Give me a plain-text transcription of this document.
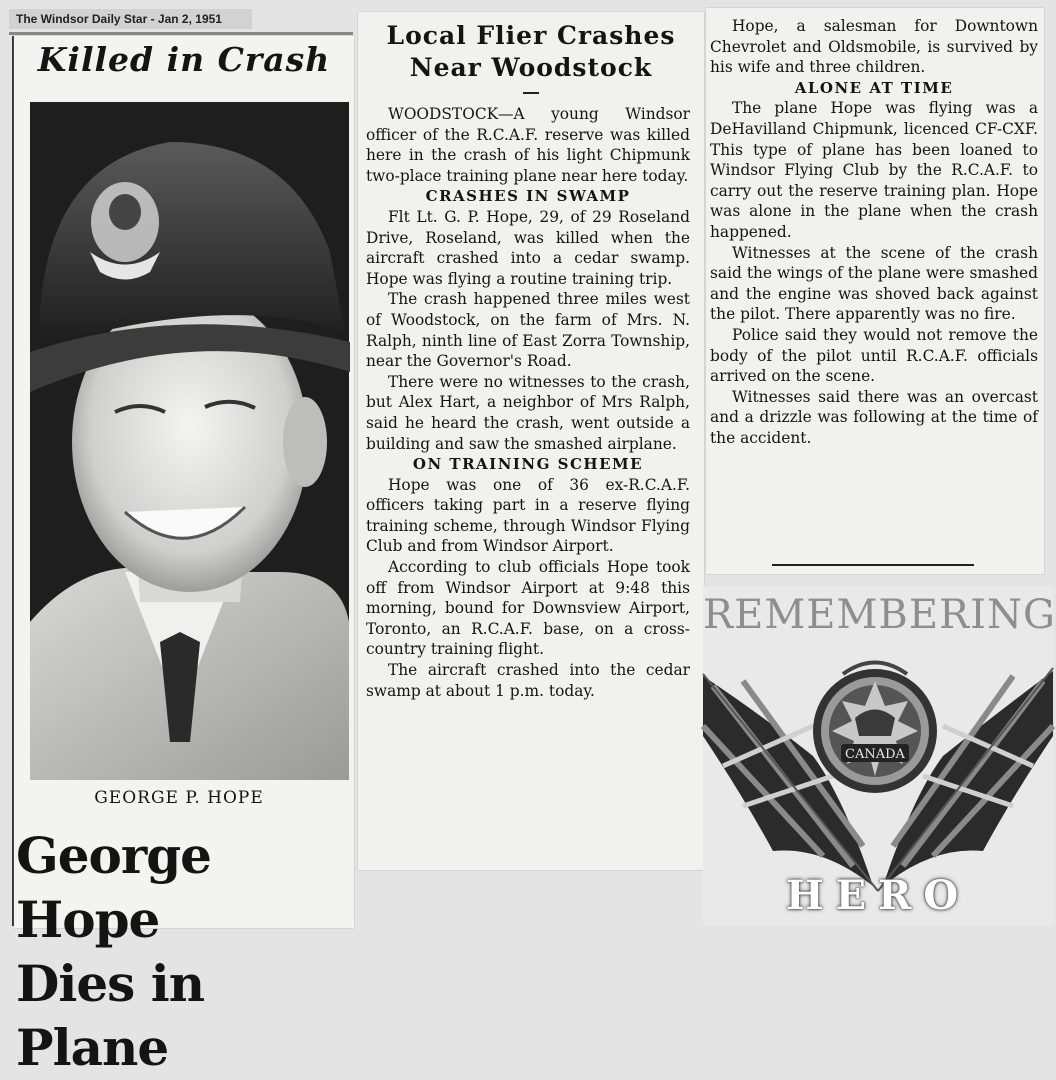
The Windsor Daily Star - Jan 2, 1951
Killed in Crash
GEORGE P. HOPE
George Hope
Dies in Plane
Local Flier Crashes
Near Woodstock

WOODSTOCK—A young Windsor officer of the R.C.A.F. reserve was killed here in the crash of his light Chipmunk two-place training plane near here today.

CRASHES IN SWAMP

Flt Lt. G. P. Hope, 29, of 29 Roseland Drive, Roseland, was killed when the aircraft crashed into a cedar swamp. Hope was flying a routine training trip.

The crash happened three miles west of Woodstock, on the farm of Mrs. N. Ralph, ninth line of East Zorra Township, near the Governor's Road.

There were no witnesses to the crash, but Alex Hart, a neighbor of Mrs Ralph, said he heard the crash, went outside a building and saw the smashed airplane.

ON TRAINING SCHEME

Hope was one of 36 ex-R.C.A.F. officers taking part in a reserve flying training scheme, through Windsor Flying Club and from Windsor Airport.

According to club officials Hope took off from Windsor Airport at 9:48 this morning, bound for Downsview Airport, Toronto, an R.C.A.F. base, on a cross-country training flight.

The aircraft crashed into the cedar swamp at about 1 p.m. today.

Hope, a salesman for Downtown Chevrolet and Oldsmobile, is survived by his wife and three children.

ALONE AT TIME

The plane Hope was flying was a DeHavilland Chipmunk, licenced CF-CXF. This type of plane has been loaned to Windsor Flying Club by the R.C.A.F. to carry out the reserve training plan. Hope was alone in the plane when the crash happened.

Witnesses at the scene of the crash said the wings of the plane were smashed and the engine was shoved back against the pilot. There apparently was no fire.

Police said they would not remove the body of the pilot until R.C.A.F. officials arrived on the scene.

Witnesses said there was an overcast and a drizzle was following at the time of the accident.

REMEMBERING
CANADA
HERO
